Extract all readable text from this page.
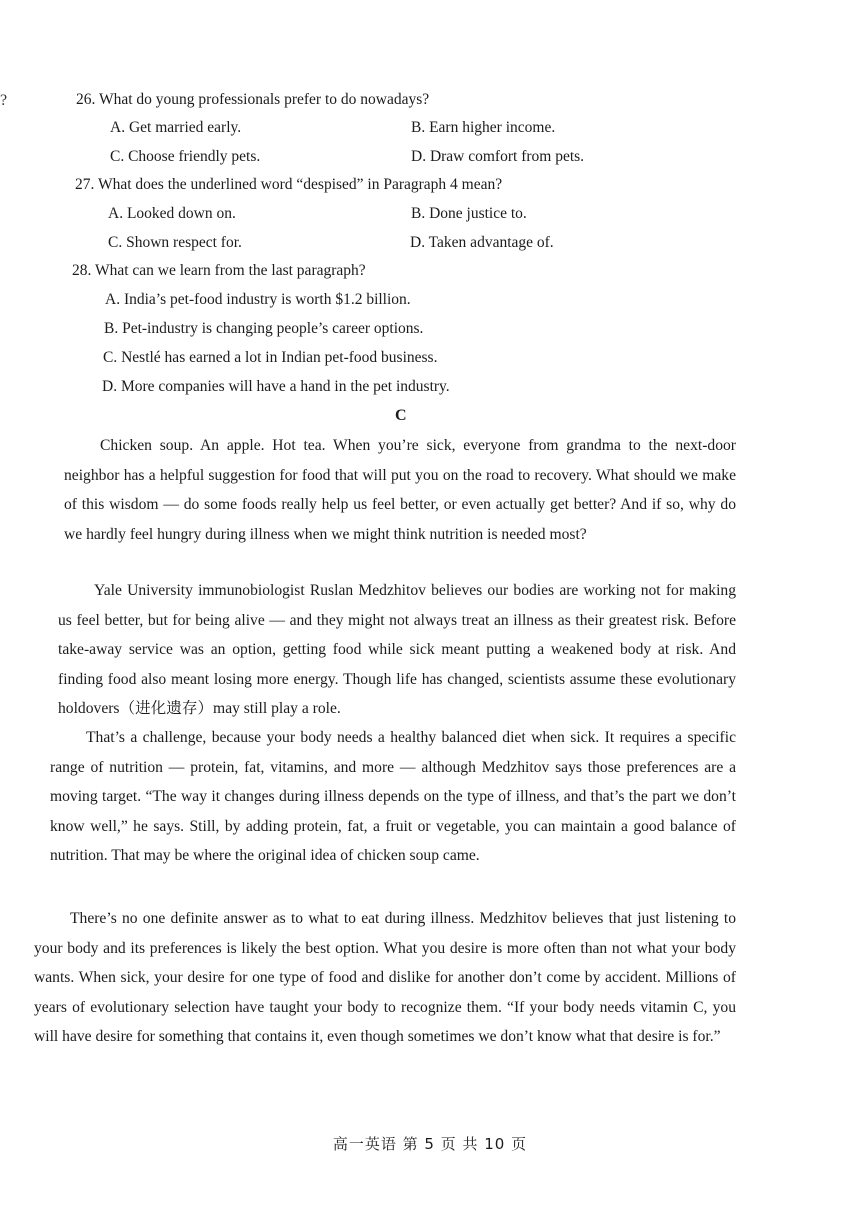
?	26. What do young professionals prefer to do nowadays?
A. Get married early.	B. Earn higher income.
C. Choose friendly pets.	D. Draw comfort from pets.
27. What does the underlined word “despised” in Paragraph 4 mean?
A. Looked down on.	B. Done justice to.
C. Shown respect for.	D. Taken advantage of.
28. What can we learn from the last paragraph?
A. India’s pet-food industry is worth $1.2 billion.
B. Pet-industry is changing people’s career options.
C. Nestlé has earned a lot in Indian pet-food business.
D. More companies will have a hand in the pet industry.
C

Chicken soup. An apple. Hot tea. When you’re sick, everyone from grandma to the next-door neighbor has a helpful suggestion for food that will put you on the road to recovery. What should we make of this wisdom — do some foods really help us feel better, or even actually get better? And if so, why do we hardly feel hungry during illness when we might think nutrition is needed most?

Yale University immunobiologist Ruslan Medzhitov believes our bodies are working not for making us feel better, but for being alive — and they might not always treat an illness as their greatest risk. Before take-away service was an option, getting food while sick meant putting a weakened body at risk. And finding food also meant losing more energy. Though life has changed, scientists assume these evolutionary holdovers（进化遗存）may still play a role.

That’s a challenge, because your body needs a healthy balanced diet when sick. It requires a specific range of nutrition — protein, fat, vitamins, and more — although Medzhitov says those preferences are a moving target. “The way it changes during illness depends on the type of illness, and that’s the part we don’t know well,” he says. Still, by adding protein, fat, a fruit or vegetable, you can maintain a good balance of nutrition. That may be where the original idea of chicken soup came.

There’s no one definite answer as to what to eat during illness. Medzhitov believes that just listening to your body and its preferences is likely the best option. What you desire is more often than not what your body wants. When sick, your desire for one type of food and dislike for another don’t come by accident. Millions of years of evolutionary selection have taught your body to recognize them. “If your body needs vitamin C, you will have desire for something that contains it, even though sometimes we don’t know what that desire is for.”

高一英语 第 5 页 共 10 页
